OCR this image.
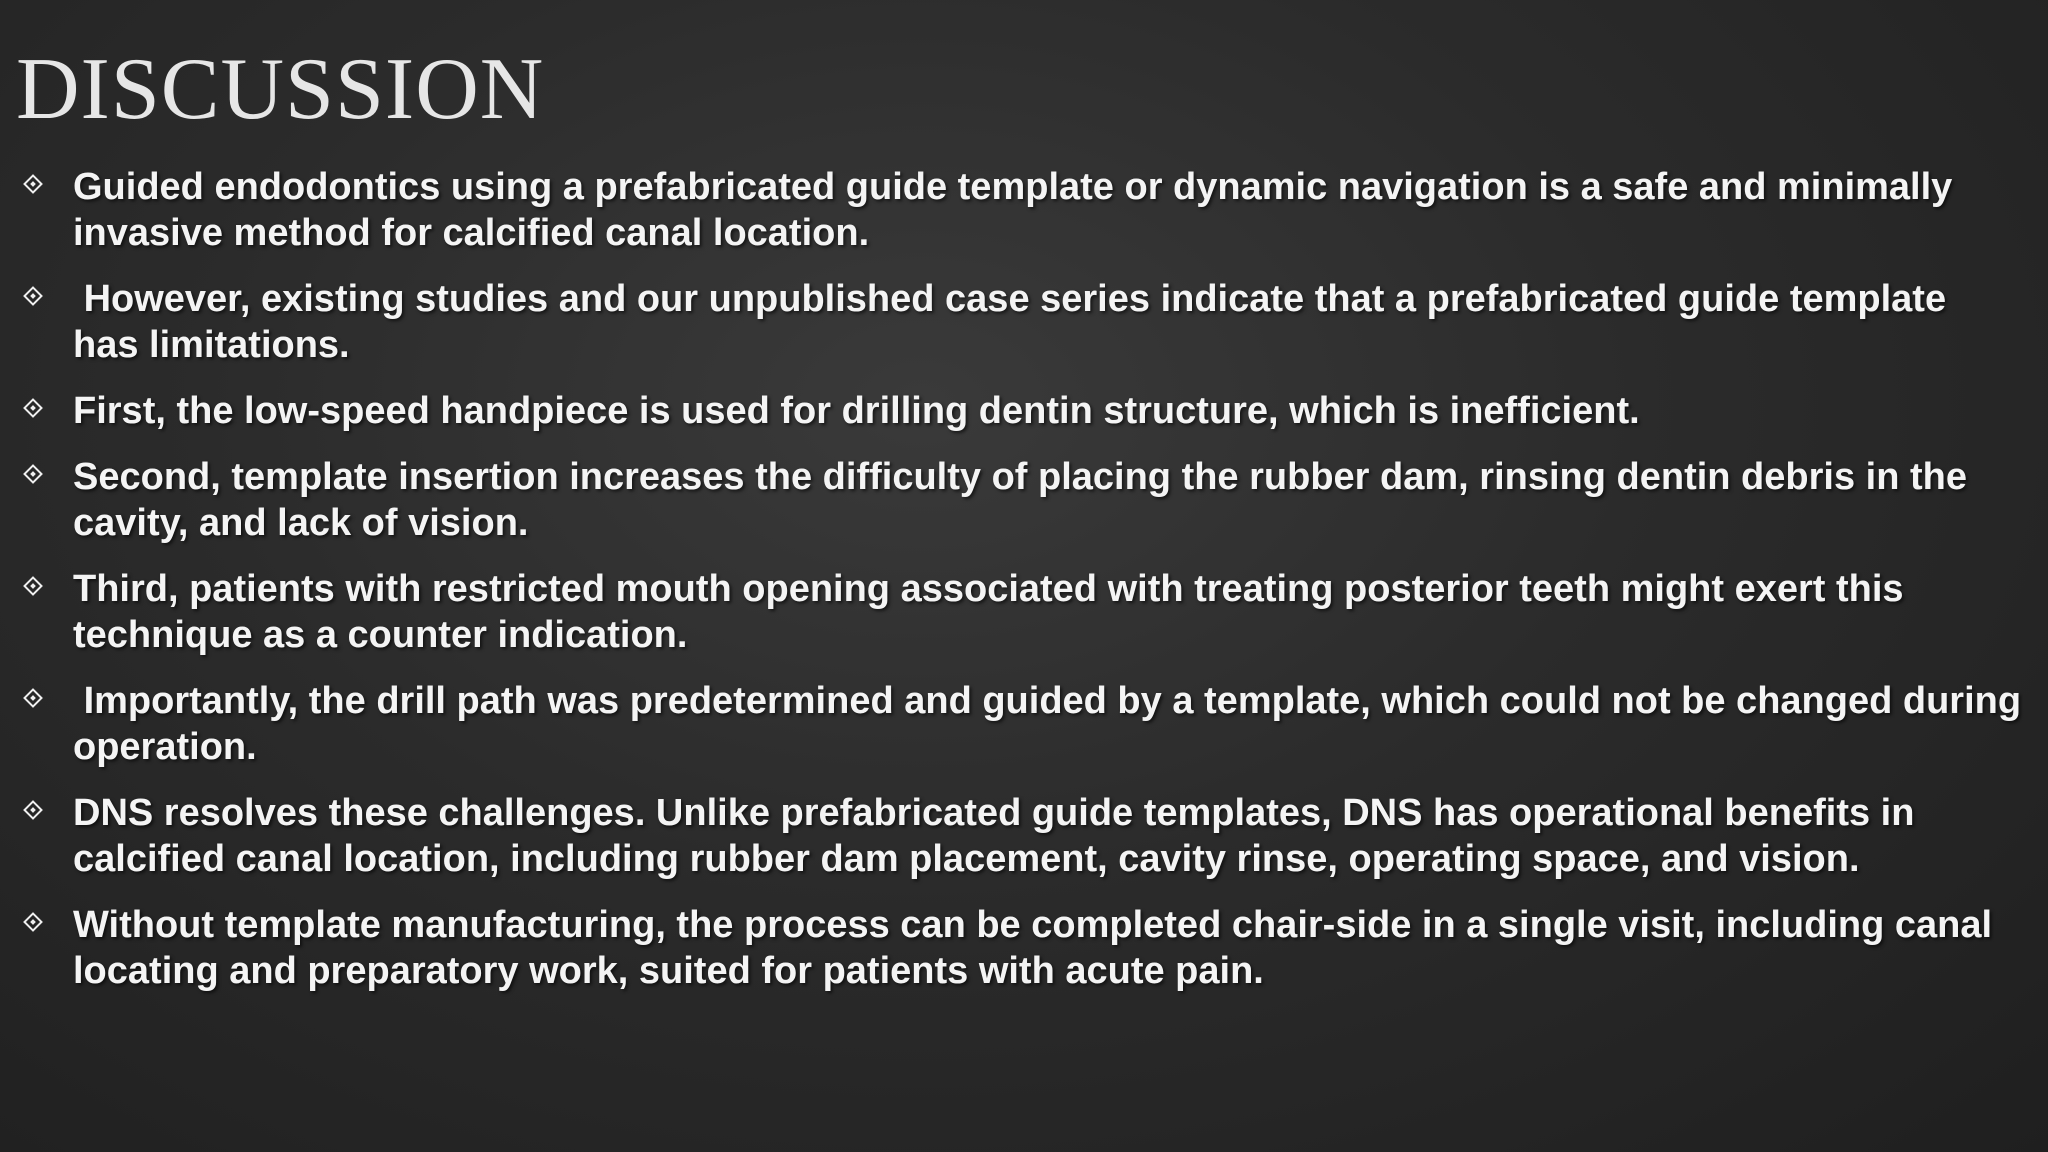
DISCUSSION
Guided endodontics using a prefabricated guide template or dynamic navigation is a safe and minimally invasive method for calcified canal location.
However, existing studies and our unpublished case series indicate that a prefabricated guide template has limitations.
First, the low-speed handpiece is used for drilling dentin structure, which is inefficient.
Second, template insertion increases the difficulty of placing the rubber dam, rinsing dentin debris in the cavity, and lack of vision.
Third, patients with restricted mouth opening associated with treating posterior teeth might exert this technique as a counter indication.
Importantly, the drill path was predetermined and guided by a template, which could not be changed during operation.
DNS resolves these challenges. Unlike prefabricated guide templates, DNS has operational benefits in calcified canal location, including rubber dam placement, cavity rinse, operating space, and vision.
Without template manufacturing, the process can be completed chair-side in a single visit, including canal locating and preparatory work, suited for patients with acute pain.
